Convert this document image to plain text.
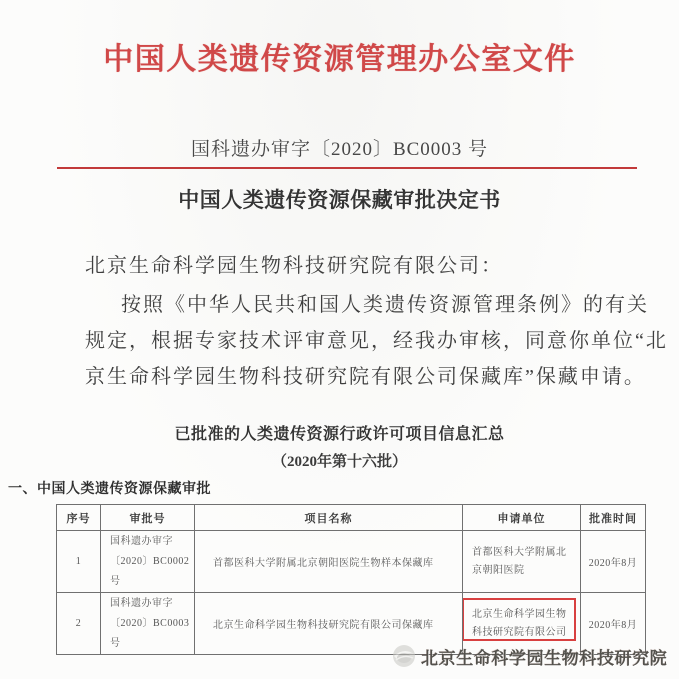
中国人类遗传资源管理办公室文件
国科遗办审字〔2020〕BC0003 号
中国人类遗传资源保藏审批决定书
北京生命科学园生物科技研究院有限公司：
按照《中华人民共和国人类遗传资源管理条例》的有关
规定，根据专家技术评审意见，经我办审核，同意你单位“北
京生命科学园生物科技研究院有限公司保藏库”保藏申请。
已批准的人类遗传资源行政许可项目信息汇总
（2020年第十六批）
一、中国人类遗传资源保藏审批
序号	审批号	项目名称	申请单位	批准时间
1	国科遗办审字
〔2020〕BC0002号	首都医科大学附属北京朝阳医院生物样本保藏库	首都医科大学附属北京朝阳医院	2020年8月
2	国科遗办审字
〔2020〕BC0003号	北京生命科学园生物科技研究院有限公司保藏库	北京生命科学园生物科技研究院有限公司	2020年8月
北京生命科学园生物科技研究院
